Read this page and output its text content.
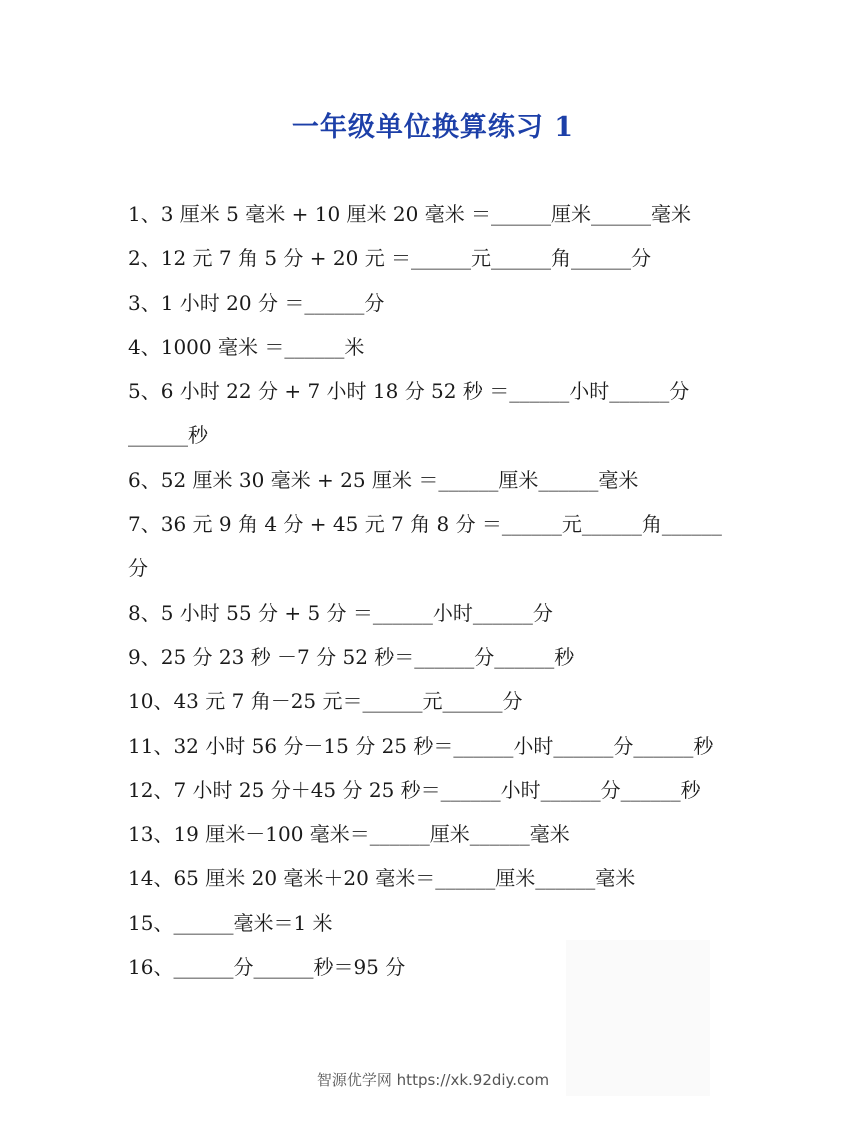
一年级单位换算练习 1
1、3 厘米 5 毫米 + 10 厘米 20 毫米 ＝______厘米______毫米
2、12 元 7 角 5 分 + 20 元 ＝______元______角______分
3、1 小时 20 分 ＝______分
4、1000 毫米 ＝______米
5、6 小时 22 分 + 7 小时 18 分 52 秒 ＝______小时______分
______秒
6、52 厘米 30 毫米 + 25 厘米 ＝______厘米______毫米
7、36 元 9 角 4 分 + 45 元 7 角 8 分 ＝______元______角______
分
8、5 小时 55 分 + 5 分 ＝______小时______分
9、25 分 23 秒 －7 分 52 秒＝______分______秒
10、43 元 7 角－25 元＝______元______分
11、32 小时 56 分－15 分 25 秒＝______小时______分______秒
12、7 小时 25 分＋45 分 25 秒＝______小时______分______秒
13、19 厘米－100 毫米＝______厘米______毫米
14、65 厘米 20 毫米＋20 毫米＝______厘米______毫米
15、______毫米＝1 米
16、______分______秒＝95 分
智源优学网 https://xk.92diy.com
